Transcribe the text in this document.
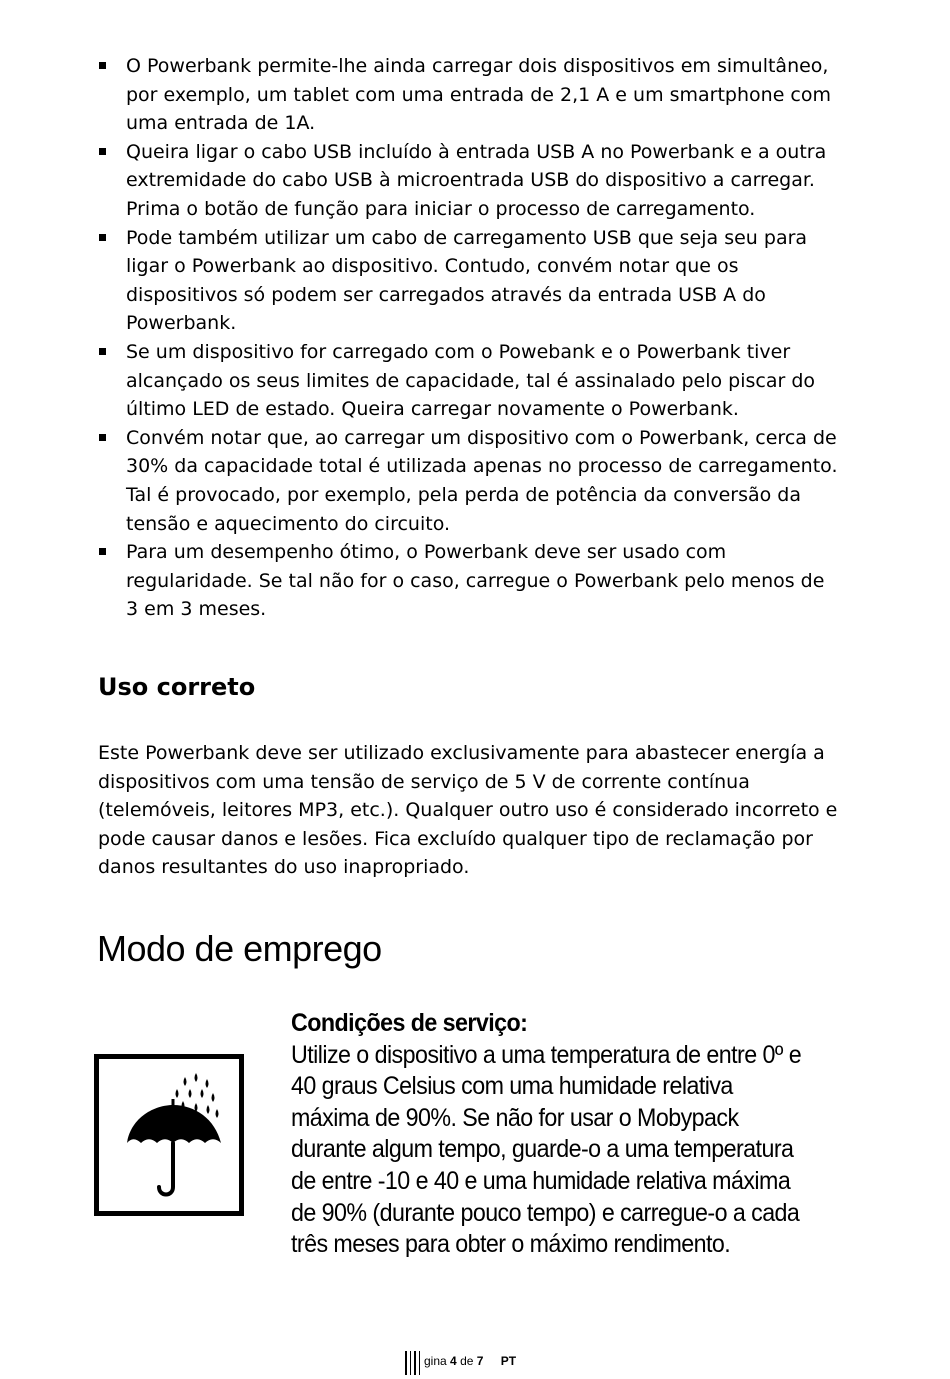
O Powerbank permite-lhe ainda carregar dois dispositivos em simultâneo, por exemplo, um tablet com uma entrada de 2,1 A e um smartphone com uma entrada de 1A.
Queira ligar o cabo USB incluído à entrada USB A no Powerbank e a outra extremidade do cabo USB à microentrada USB do dispositivo a carregar. Prima o botão de função para iniciar o processo de carregamento.
Pode também utilizar um cabo de carregamento USB que seja seu para ligar o Powerbank ao dispositivo. Contudo, convém notar que os dispositivos só podem ser carregados através da entrada USB A do Powerbank.
Se um dispositivo for carregado com o Powebank e o Powerbank tiver alcançado os seus limites de capacidade, tal é assinalado pelo piscar do último LED de estado. Queira carregar novamente o Powerbank.
Convém notar que, ao carregar um dispositivo com o Powerbank, cerca de 30% da capacidade total é utilizada apenas no processo de carregamento. Tal é provocado, por exemplo, pela perda de potência da conversão da tensão e aquecimento do circuito.
Para um desempenho ótimo, o Powerbank deve ser usado com regularidade. Se tal não for o caso, carregue o Powerbank pelo menos de 3 em 3 meses.
Uso correto

Este Powerbank deve ser utilizado exclusivamente para abastecer energía a dispositivos com uma tensão de serviço de 5 V de corrente contínua (telemóveis, leitores MP3, etc.). Qualquer outro uso é considerado incorreto e pode causar danos e lesões. Fica excluído qualquer tipo de reclamação por danos resultantes do uso inapropriado.

Modo de emprego
Condições de serviço:
Utilize o dispositivo a uma temperatura de entre 0º e 40 graus Celsius com uma humidade relativa máxima de 90%. Se não for usar o Mobypack durante algum tempo, guarde-o a uma temperatura de entre -10 e 40 e uma humidade relativa máxima de 90% (durante pouco tempo) e carregue-o a cada três meses para obter o máximo rendimento.
gina 4 de 7 PT
